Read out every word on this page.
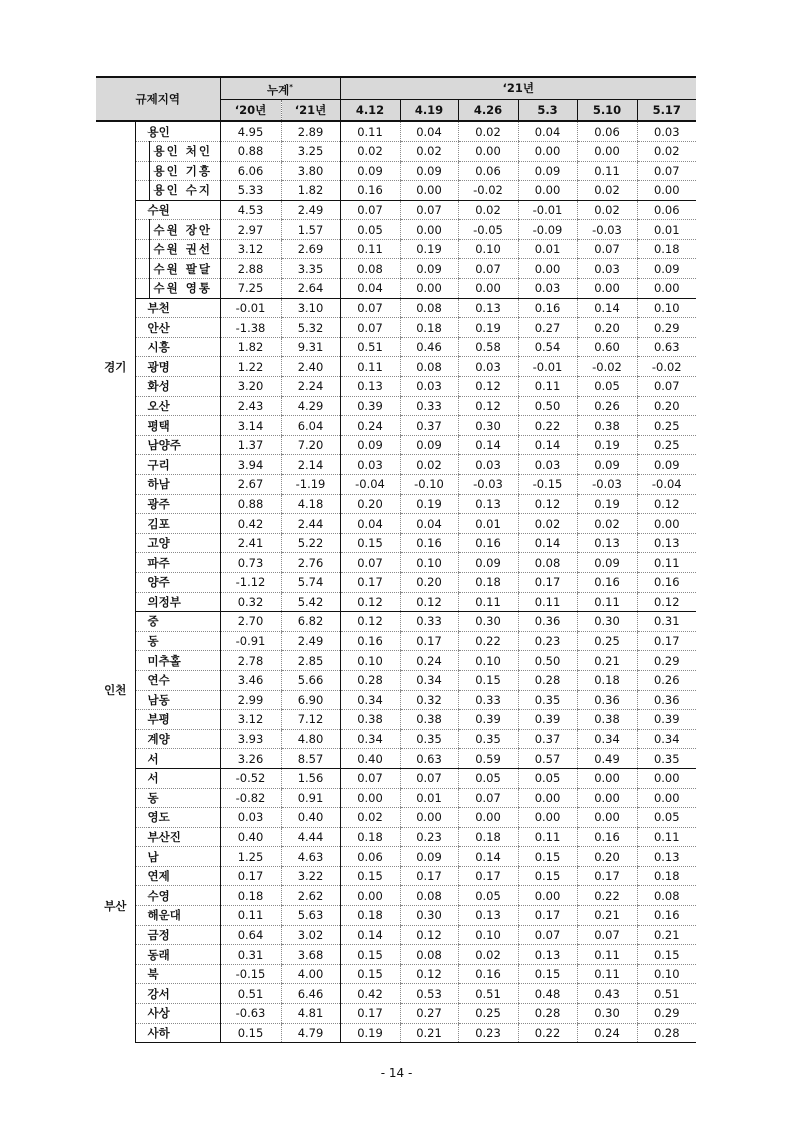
규제지역			누계*		‘21년					
			‘20년	‘21년	4.12	4.19	4.26	5.3	5.10	5.17
경기	용인		4.95	2.89	0.11	0.04	0.02	0.04	0.06	0.03
		용인 처인	0.88	3.25	0.02	0.02	0.00	0.00	0.00	0.02
		용인 기흥	6.06	3.80	0.09	0.09	0.06	0.09	0.11	0.07
		용인 수지	5.33	1.82	0.16	0.00	-0.02	0.00	0.02	0.00
	수원		4.53	2.49	0.07	0.07	0.02	-0.01	0.02	0.06
		수원 장안	2.97	1.57	0.05	0.00	-0.05	-0.09	-0.03	0.01
		수원 권선	3.12	2.69	0.11	0.19	0.10	0.01	0.07	0.18
		수원 팔달	2.88	3.35	0.08	0.09	0.07	0.00	0.03	0.09
		수원 영통	7.25	2.64	0.04	0.00	0.00	0.03	0.00	0.00
	부천		-0.01	3.10	0.07	0.08	0.13	0.16	0.14	0.10
	안산		-1.38	5.32	0.07	0.18	0.19	0.27	0.20	0.29
	시흥		1.82	9.31	0.51	0.46	0.58	0.54	0.60	0.63
	광명		1.22	2.40	0.11	0.08	0.03	-0.01	-0.02	-0.02
	화성		3.20	2.24	0.13	0.03	0.12	0.11	0.05	0.07
	오산		2.43	4.29	0.39	0.33	0.12	0.50	0.26	0.20
	평택		3.14	6.04	0.24	0.37	0.30	0.22	0.38	0.25
	남양주		1.37	7.20	0.09	0.09	0.14	0.14	0.19	0.25
	구리		3.94	2.14	0.03	0.02	0.03	0.03	0.09	0.09
	하남		2.67	-1.19	-0.04	-0.10	-0.03	-0.15	-0.03	-0.04
	광주		0.88	4.18	0.20	0.19	0.13	0.12	0.19	0.12
	김포		0.42	2.44	0.04	0.04	0.01	0.02	0.02	0.00
	고양		2.41	5.22	0.15	0.16	0.16	0.14	0.13	0.13
	파주		0.73	2.76	0.07	0.10	0.09	0.08	0.09	0.11
	양주		-1.12	5.74	0.17	0.20	0.18	0.17	0.16	0.16
	의정부		0.32	5.42	0.12	0.12	0.11	0.11	0.11	0.12
인천	중		2.70	6.82	0.12	0.33	0.30	0.36	0.30	0.31
	동		-0.91	2.49	0.16	0.17	0.22	0.23	0.25	0.17
	미추홀		2.78	2.85	0.10	0.24	0.10	0.50	0.21	0.29
	연수		3.46	5.66	0.28	0.34	0.15	0.28	0.18	0.26
	남동		2.99	6.90	0.34	0.32	0.33	0.35	0.36	0.36
	부평		3.12	7.12	0.38	0.38	0.39	0.39	0.38	0.39
	계양		3.93	4.80	0.34	0.35	0.35	0.37	0.34	0.34
	서		3.26	8.57	0.40	0.63	0.59	0.57	0.49	0.35
부산	서		-0.52	1.56	0.07	0.07	0.05	0.05	0.00	0.00
	동		-0.82	0.91	0.00	0.01	0.07	0.00	0.00	0.00
	영도		0.03	0.40	0.02	0.00	0.00	0.00	0.00	0.05
	부산진		0.40	4.44	0.18	0.23	0.18	0.11	0.16	0.11
	남		1.25	4.63	0.06	0.09	0.14	0.15	0.20	0.13
	연제		0.17	3.22	0.15	0.17	0.17	0.15	0.17	0.18
	수영		0.18	2.62	0.00	0.08	0.05	0.00	0.22	0.08
	해운대		0.11	5.63	0.18	0.30	0.13	0.17	0.21	0.16
	금정		0.64	3.02	0.14	0.12	0.10	0.07	0.07	0.21
	동래		0.31	3.68	0.15	0.08	0.02	0.13	0.11	0.15
	북		-0.15	4.00	0.15	0.12	0.16	0.15	0.11	0.10
	강서		0.51	6.46	0.42	0.53	0.51	0.48	0.43	0.51
	사상		-0.63	4.81	0.17	0.27	0.25	0.28	0.30	0.29
	사하		0.15	4.79	0.19	0.21	0.23	0.22	0.24	0.28
- 14 -
